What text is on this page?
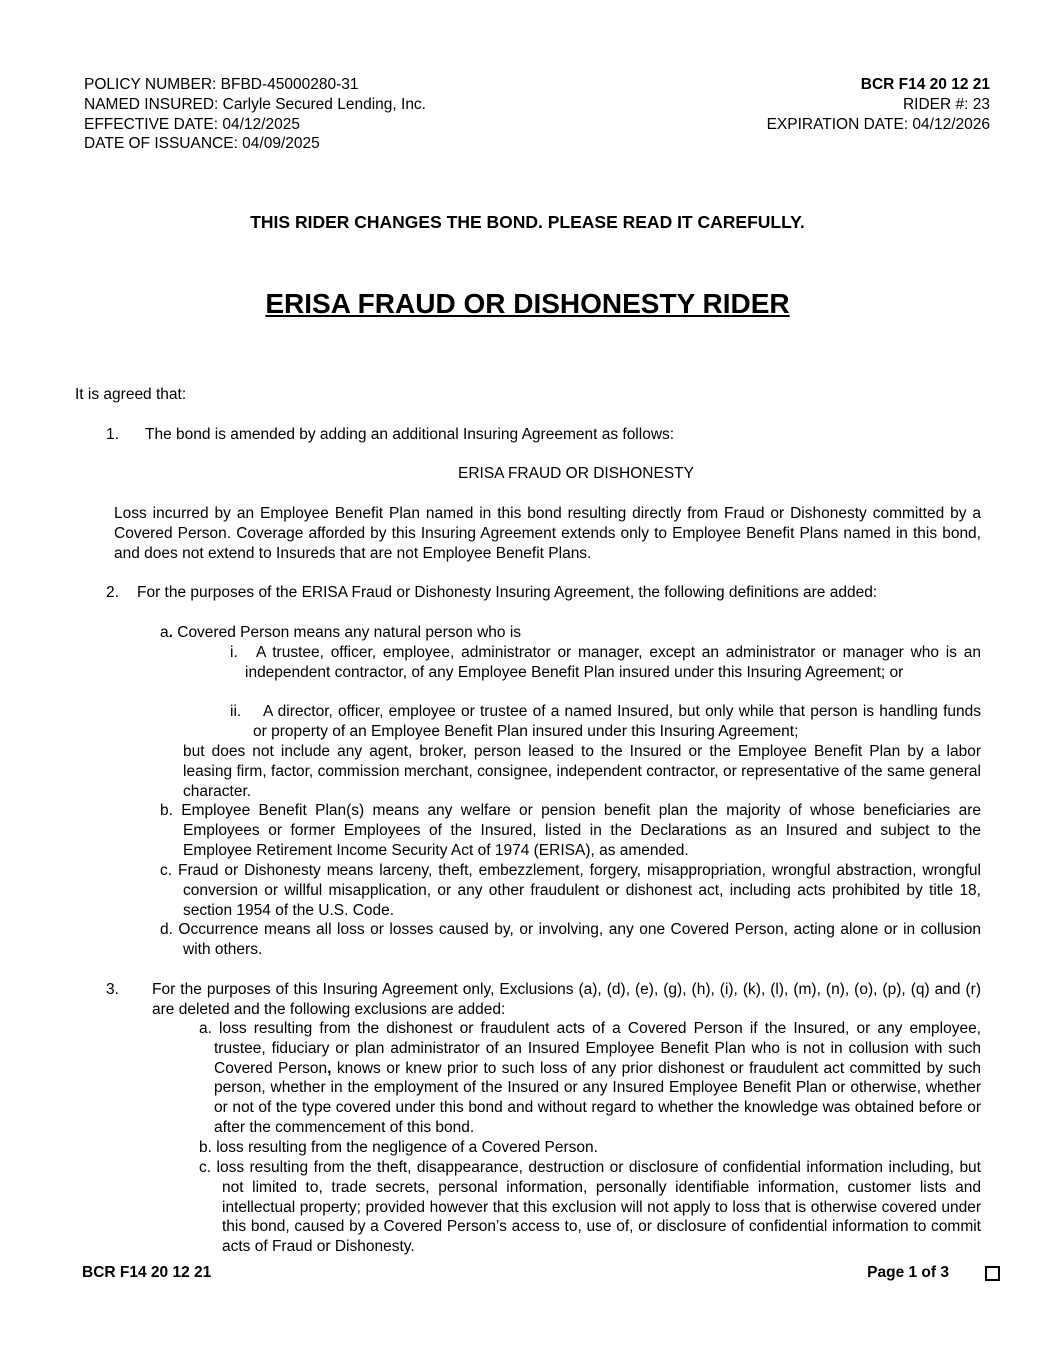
POLICY NUMBER: BFBD-45000280-31
NAMED INSURED: Carlyle Secured Lending, Inc.
EFFECTIVE DATE: 04/12/2025
DATE OF ISSUANCE: 04/09/2025
BCR F14 20 12 21
RIDER #: 23
EXPIRATION DATE: 04/12/2026
THIS RIDER CHANGES THE BOND. PLEASE READ IT CAREFULLY.
ERISA FRAUD OR DISHONESTY RIDER
It is agreed that:
1. The bond is amended by adding an additional Insuring Agreement as follows:
ERISA FRAUD OR DISHONESTY
Loss incurred by an Employee Benefit Plan named in this bond resulting directly from Fraud or Dishonesty committed by a Covered Person. Coverage afforded by this Insuring Agreement extends only to Employee Benefit Plans named in this bond, and does not extend to Insureds that are not Employee Benefit Plans.
2. For the purposes of the ERISA Fraud or Dishonesty Insuring Agreement, the following definitions are added:
a. Covered Person means any natural person who is
i.	A trustee, officer, employee, administrator or manager, except an administrator or manager who is an independent contractor, of any Employee Benefit Plan insured under this Insuring Agreement; or
ii.	A director, officer, employee or trustee of a named Insured, but only while that person is handling funds or property of an Employee Benefit Plan insured under this Insuring Agreement;
but does not include any agent, broker, person leased to the Insured or the Employee Benefit Plan by a labor leasing firm, factor, commission merchant, consignee, independent contractor, or representative of the same general character.
b. Employee Benefit Plan(s) means any welfare or pension benefit plan the majority of whose beneficiaries are Employees or former Employees of the Insured, listed in the Declarations as an Insured and subject to the Employee Retirement Income Security Act of 1974 (ERISA), as amended.
c. Fraud or Dishonesty means larceny, theft, embezzlement, forgery, misappropriation, wrongful abstraction, wrongful conversion or willful misapplication, or any other fraudulent or dishonest act, including acts prohibited by title 18, section 1954 of the U.S. Code.
d. Occurrence means all loss or losses caused by, or involving, any one Covered Person, acting alone or in collusion with others.
3. For the purposes of this Insuring Agreement only, Exclusions (a), (d), (e), (g), (h), (i), (k), (l), (m), (n), (o), (p), (q) and (r) are deleted and the following exclusions are added:
a. loss resulting from the dishonest or fraudulent acts of a Covered Person if the Insured, or any employee, trustee, fiduciary or plan administrator of an Insured Employee Benefit Plan who is not in collusion with such Covered Person, knows or knew prior to such loss of any prior dishonest or fraudulent act committed by such person, whether in the employment of the Insured or any Insured Employee Benefit Plan or otherwise, whether or not of the type covered under this bond and without regard to whether the knowledge was obtained before or after the commencement of this bond.
b. loss resulting from the negligence of a Covered Person.
c. loss resulting from the theft, disappearance, destruction or disclosure of confidential information including, but not limited to, trade secrets, personal information, personally identifiable information, customer lists and intellectual property; provided however that this exclusion will not apply to loss that is otherwise covered under this bond, caused by a Covered Person’s access to, use of, or disclosure of confidential information to commit acts of Fraud or Dishonesty.
BCR F14 20 12 21	Page 1 of 3
